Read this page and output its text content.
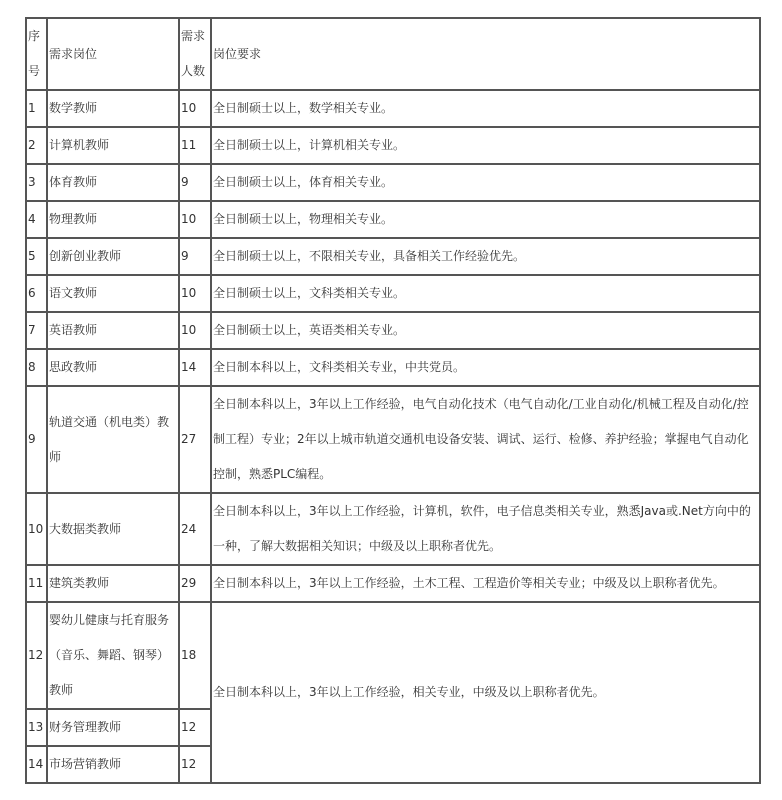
序号	需求岗位	需求人数	岗位要求
1	数学教师	10	全日制硕士以上，数学相关专业。
2	计算机教师	11	全日制硕士以上，计算机相关专业。
3	体育教师	9	全日制硕士以上，体育相关专业。
4	物理教师	10	全日制硕士以上，物理相关专业。
5	创新创业教师	9	全日制硕士以上，不限相关专业，具备相关工作经验优先。
6	语文教师	10	全日制硕士以上，文科类相关专业。
7	英语教师	10	全日制硕士以上，英语类相关专业。
8	思政教师	14	全日制本科以上，文科类相关专业，中共党员。
9	轨道交通（机电类）教师	27	全日制本科以上，3年以上工作经验，电气自动化技术（电气自动化/工业自动化/机械工程及自动化/控制工程）专业；2年以上城市轨道交通机电设备安装、调试、运行、检修、养护经验；掌握电气自动化控制，熟悉PLC编程。
10	大数据类教师	24	全日制本科以上，3年以上工作经验，计算机，软件，电子信息类相关专业，熟悉Java或.Net方向中的一种，了解大数据相关知识；中级及以上职称者优先。
11	建筑类教师	29	全日制本科以上，3年以上工作经验，土木工程、工程造价等相关专业；中级及以上职称者优先。
12	婴幼儿健康与托育服务（音乐、舞蹈、钢琴）教师	18	全日制本科以上，3年以上工作经验，相关专业，中级及以上职称者优先。
13	财务管理教师	12	
14	市场营销教师	12	
